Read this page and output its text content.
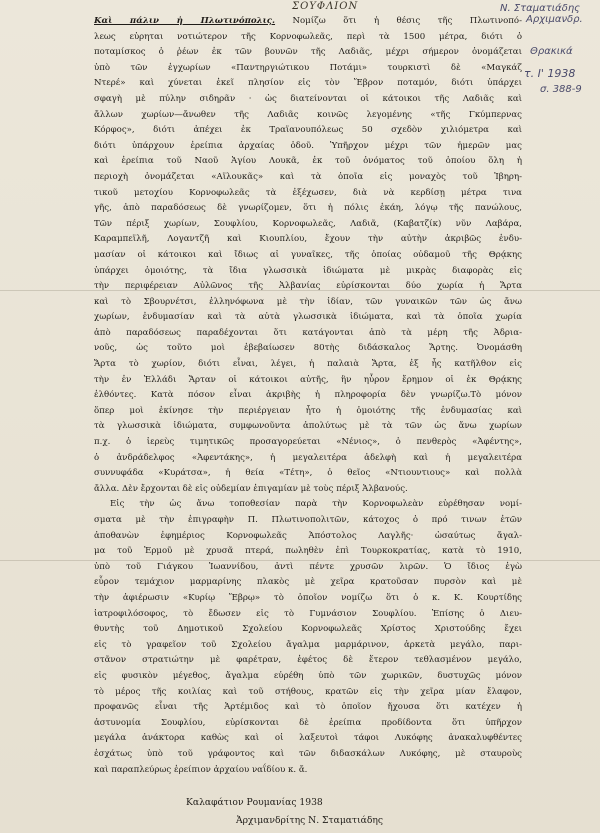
ΣΟΥΦΛΙΟΝ	Ν. Σταματιάδης
Αρχιμανδρ.
Θρακικά
τ. Ι' 1938
σ. 388-9
Καὶ πάλιν ἡ Πλωτινόπολις. Νομίζω ὅτι ἡ θέσις τῆς Πλωτινοπό-
λεως εὑρηται νοτιώτερον τῆς Κορνοφωλεᾶς, περὶ τὰ 1500 μέτρα, διότι ὁ
ποταμίσκος ὁ ῥέων ἐκ τῶν βουνῶν τῆς Λαδιᾶς, μέχρι σήμερον ὀνομάζεται
ὑπὸ τῶν ἐγχωρίων «Παντηργιώτικου Ποτάμι» τουρκιστὶ δὲ «Μαγκάζ
Ντερέ» καὶ χύνεται ἐκεῖ πλησίον εἰς τὸν Ἕβρον ποταμόν, διότι ὑπάρχει
σφαγὴ μὲ πύλην σιδηρᾶν · ὡς διατείνονται οἱ κάτοικοι τῆς Λαδιᾶς καὶ
ἄλλων χωρίων—ἄνωθεν τῆς Λαδιᾶς κοινῶς λεγομένης «τῆς Γκύμπερνας
Κόρφος», διότι ἀπέχει ἐκ Τραϊανουπόλεως 50 σχεδὸν χιλιόμετρα καὶ
διότι ὑπάρχουν ἐρείπια ἀρχαίας ὁδοῦ. Ὑπῆρχον μέχρι τῶν ἡμερῶν μας
καὶ ἐρείπια τοῦ Ναοῦ Ἁγίου Λουκᾶ, ἐκ τοῦ ὀνόματος τοῦ ὁποίου ὅλη ἡ
περιοχὴ ὀνομάζεται «Αϊλουκᾶς» καὶ τὰ ὁποῖα εἰς μοναχὸς τοῦ Ἰβηρη-
τικοῦ μετοχίου Κορνοφωλεᾶς τὰ ἐξέχωσεν, διὰ νὰ κερδίσῃ μέτρα τινα
γῆς, ἀπὸ παραδόσεως δὲ γνωρίζομεν, ὅτι ἡ πόλις ἐκάη, λόγῳ τῆς πανώλους,
Τῶν πέριξ χωρίων, Σουφλίου, Κορνοφωλεᾶς, Λαδιᾶ, (Καβατζίκ) νῦν Λαβάρα,
Καραμπεϊλῆ, Λογαντζῆ καὶ Κιουπλίου, ἔχουν τὴν αὐτὴν ἀκριβῶς ἐνδυ-
μασίαν οἱ κάτοικοι καὶ ἴδιως αἱ γυναῖκες, τῆς ὁποίας οὐδαμοῦ τῆς Θρᾴκης
ὑπάρχει ὁμοιότης, τὰ ἴδια γλωσσικὰ ἰδιώματα μὲ μικρὰς διαφορὰς εἰς
τὴν περιφέρειαν Αὐλῶνος τῆς Ἀλβανίας εὑρίσκονται δύο χωρία ἡ Ἄρτα
καὶ τὸ Σβουρνέτσι, ἑλληνόφωνα μὲ τὴν ἰδίαν, τῶν γυναικῶν τῶν ὡς ἄνω
χωρίων, ἐνδυμασίαν καὶ τὰ αὐτὰ γλωσσικὰ ἰδιώματα, καὶ τὰ ὁποῖα χωρία
ἀπὸ παραδόσεως παραδέχονται ὅτι κατάγονται ἀπὸ τὰ μέρη τῆς Ἀδρια-
νοῦς, ὡς τοῦτο μοὶ ἐβεβαίωσεν 80τὴς διδάσκαλος Ἄρτης. Ὀνομάσθη
Ἄρτα τὸ χωρίον, διότι εἶναι, λέγει, ἡ παλαιὰ Ἄρτα, ἐξ ἧς κατῆλθον εἰς
τὴν ἐν Ἑλλάδι Ἄρταν οἱ κάτοικοι αὐτῆς, ἣν ηὗρον ἔρημον οἱ ἐκ Θρᾴκης
ἐλθόντες. Κατὰ πόσον εἶναι ἀκριβὴς ἡ πληροφορία δὲν γνωρίζω.Τὸ μόνον
ὅπερ μοὶ ἐκίνησε τὴν περιέργειαν ἦτο ἡ ὁμοιότης τῆς ἐνδυμασίας καὶ
τὰ γλωσσικὰ ἰδιώματα, συμφωνοῦντα ἀπολύτως μὲ τὰ τῶν ὡς ἄνω χωρίων
π.χ. ὁ ἱερεὺς τιμητικῶς προσαγορεύεται «Νένιος», ὁ πενθερὸς «Ἀφέντης»,
ὁ ἀνδράδελφος «Ἀφεντάκης», ἡ μεγαλειτέρα ἀδελφὴ καὶ ἡ μεγαλειτέρα
συννυφάδα «Κυράτσα», ἡ θεία «Τέτη», ὁ θεῖος «Ντιουντιους» καὶ πολλὰ
ἄλλα. Δὲν ἔρχονται δὲ εἰς οὐδεμίαν ἐπιγαμίαν μὲ τοὺς πέριξ Ἀλβανούς.
Εἰς τὴν ὡς ἄνω τοποθεσίαν παρὰ τὴν Κορνοφωλεὰν εὑρέθησαν νομί-
σματα μὲ τὴν ἐπιγραφὴν Π. Πλωτινοπολιτῶν, κάτοχος ὁ πρό τινων ἐτῶν
ἀποθανὼν ἐφημέριος Κορνοφωλεᾶς Ἀπόστολος Λαγλῆς· ὡσαύτως ἄγαλ-
μα τοῦ Ἑρμοῦ μὲ χρυσᾶ πτερά, πωληθὲν ἐπὶ Τουρκοκρατίας, κατὰ τὸ 1910,
ὑπὸ τοῦ Γιάγκου Ἰωαννίδου, ἀντὶ πέντε χρυσῶν λιρῶν. Ὁ ἴδιος ἐγὼ
εὗρον τεμάχιον μαρμαρίνης πλακὸς μὲ χεῖρα κρατοῦσαν πυρσὸν καὶ μὲ
τὴν ἀφιέρωσιν «Κυρίῳ Ἕβρῳ» τὸ ὁποῖον νομίζω ὅτι ὁ κ. Κ. Κουρτίδης
ἰατροφιλόσοφος, τὸ ἔδωσεν εἰς τὸ Γυμνάσιον Σουφλίου. Ἐπίσης ὁ Διευ-
θυντὴς τοῦ Δημοτικοῦ Σχολείου Κορνοφωλεᾶς Χρίστος Χριστούδης ἔχει
εἰς τὸ γραφεῖον τοῦ Σχολείου ἄγαλμα μαρμάρινον, ἀρκετὰ μεγάλο, παρι-
στᾶνον στρατιώτην μὲ φαρέτραν, ἐφέτος δὲ ἕτερον τεθλασμένον μεγάλο,
εἰς φυσικὸν μέγεθος, ἄγαλμα εὑρέθη ὑπὸ τῶν χωρικῶν, δυστυχῶς μόνον
τὸ μέρος τῆς κοιλίας καὶ τοῦ στήθους, κρατῶν εἰς τὴν χεῖρα μίαν ἔλαφον,
προφανῶς εἶναι τῆς Ἀρτέμιδος καὶ τὸ ὁποῖον ἤχουσα ὅτι κατέχεν ἡ
ἀστυνομία Σουφλίου, εὑρίσκονται δὲ ἐρείπια προδίδοντα ὅτι ὑπῆρχον
μεγάλα ἀνάκτορα καθὼς καὶ οἱ λαξευτοὶ τάφοι Λυκόφης ἀνακαλυφθέντες
ἐσχάτως ὑπὸ τοῦ γράφοντος καὶ τῶν διδασκάλων Λυκόφης, μὲ σταυροὺς
καὶ παραπλεύρως ἐρείπιον ἀρχαίου ναΐδίου κ. ἄ.
Καλαφάτιον Ρουμανίας 1938
Ἀρχιμανδρίτης Ν. Σταματιάδης
